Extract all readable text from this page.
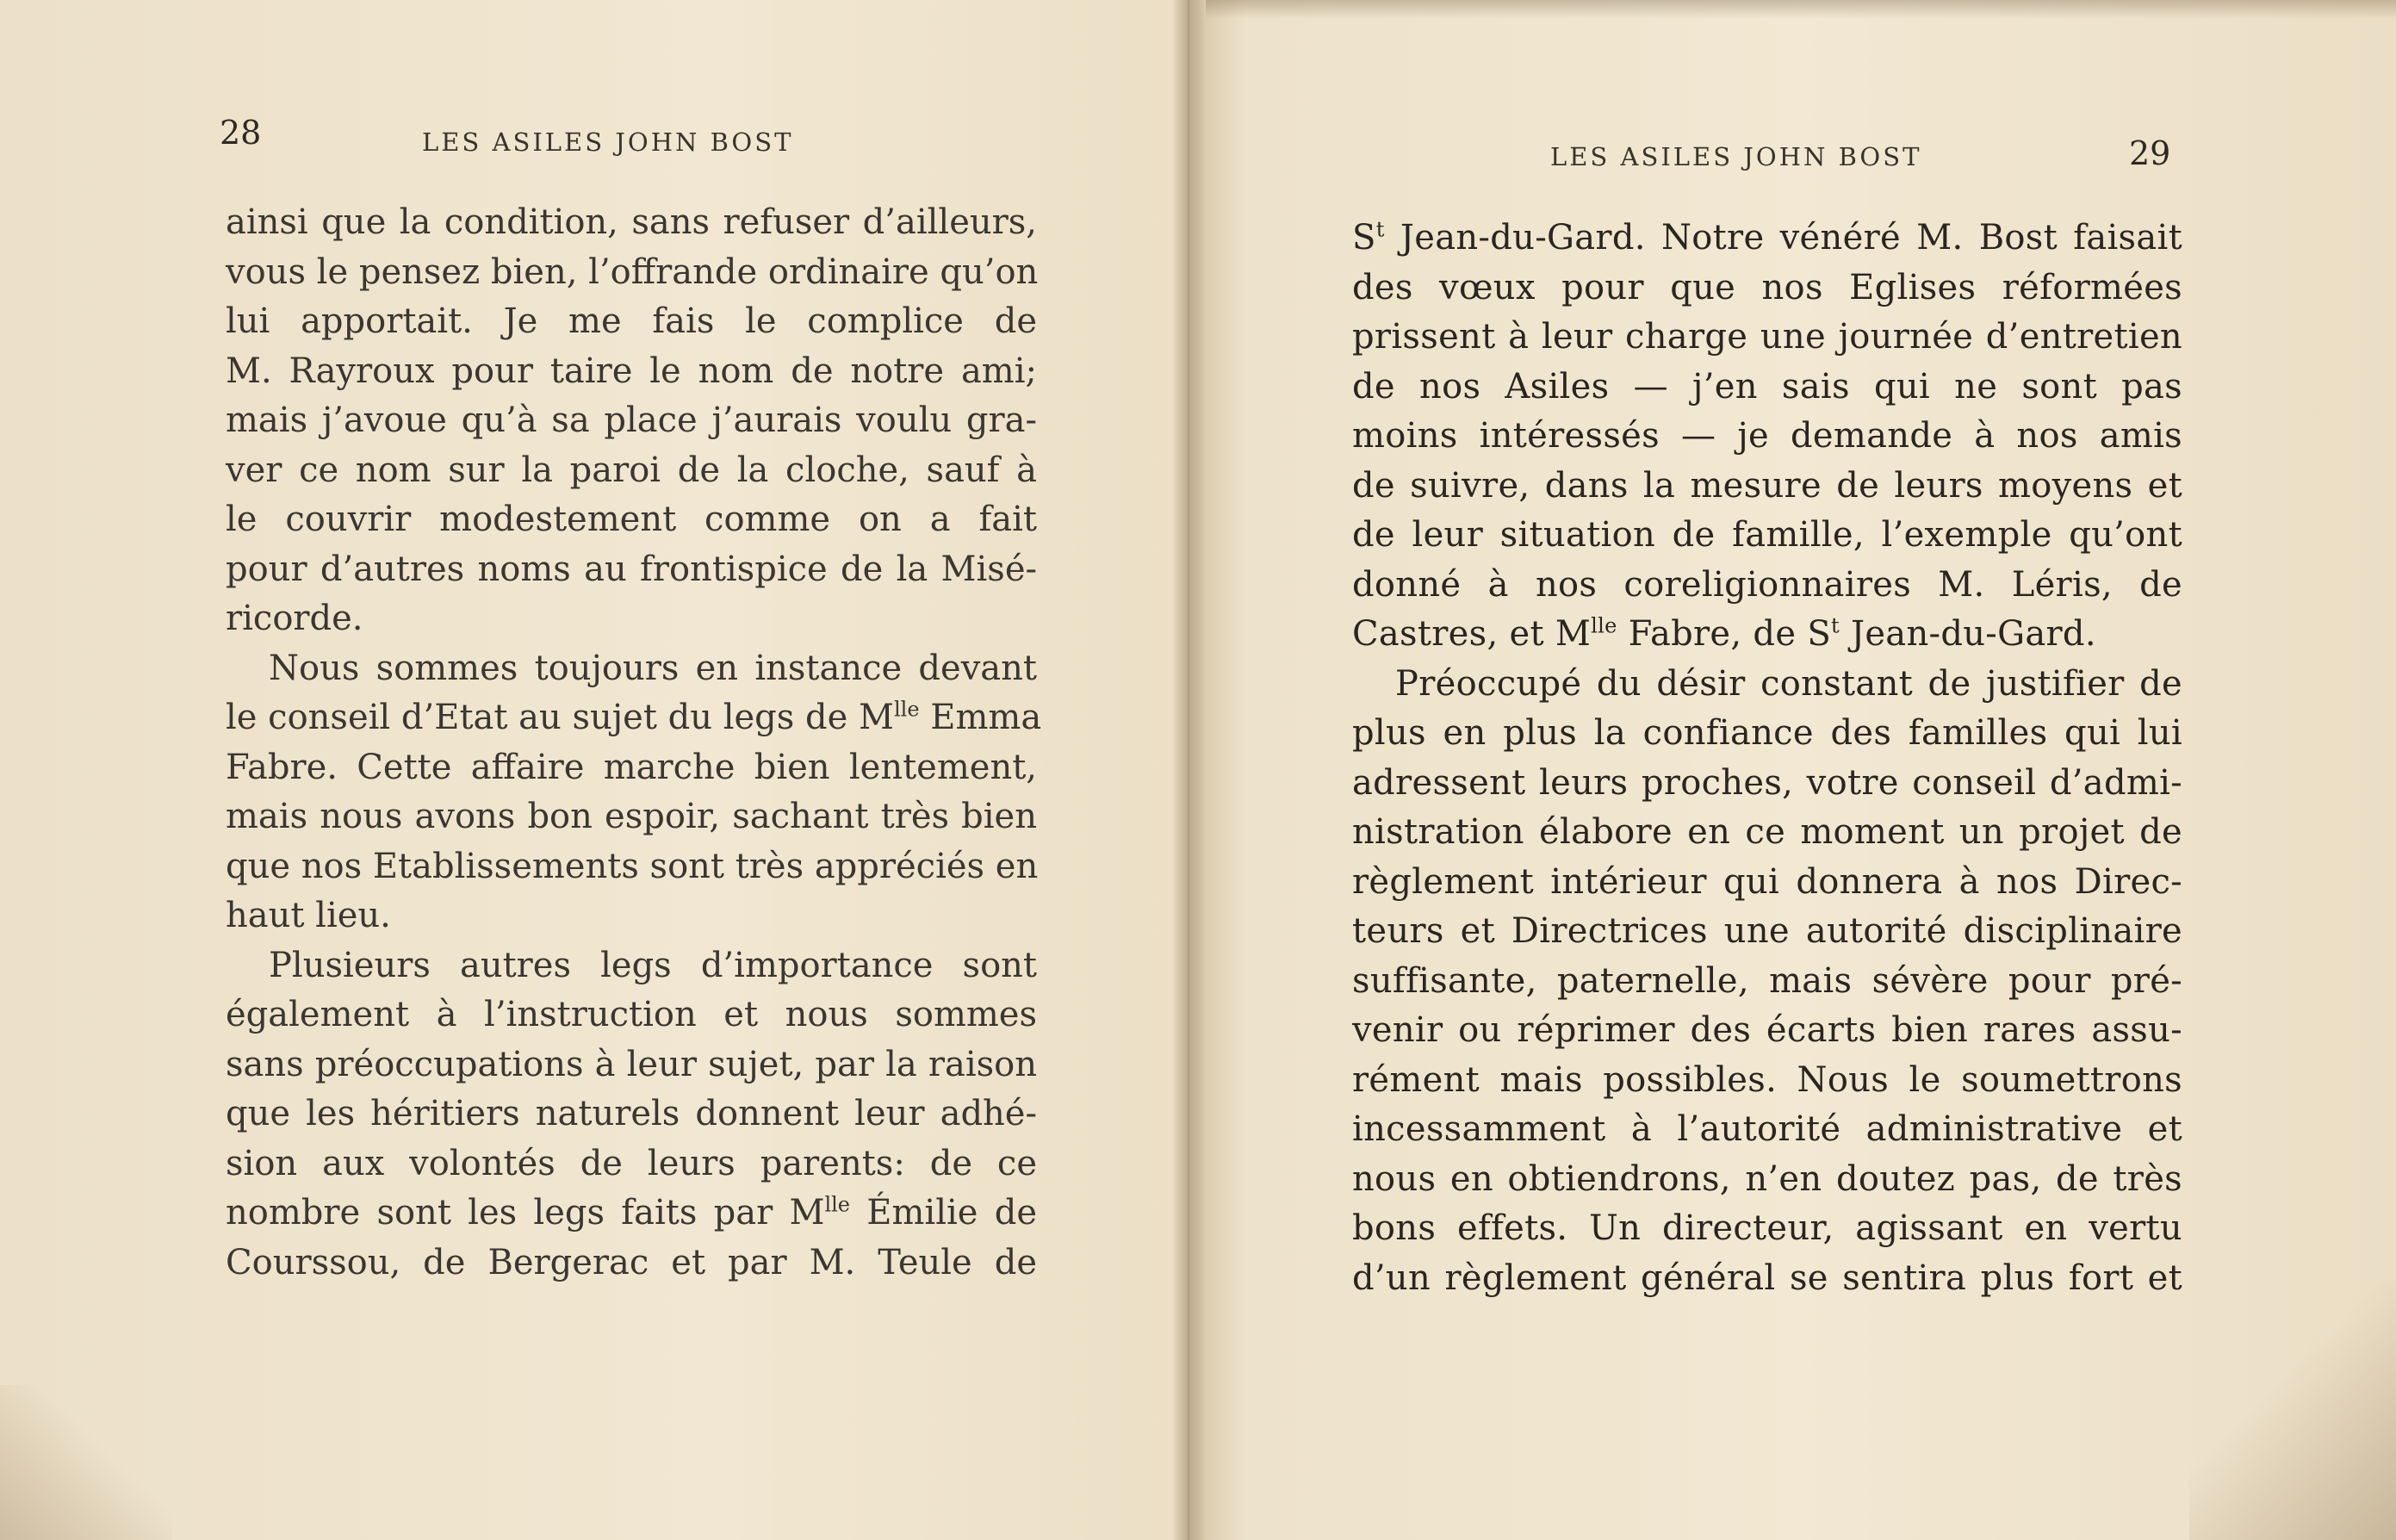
28	LES ASILES JOHN BOST
ainsi que la condition, sans refuser d’ailleurs,
vous le pensez bien, l’offrande ordinaire qu’on
lui apportait. Je me fais le complice de
M. Rayroux pour taire le nom de notre ami;
mais j’avoue qu’à sa place j’aurais voulu gra-
ver ce nom sur la paroi de la cloche, sauf à
le couvrir modestement comme on a fait
pour d’autres noms au frontispice de la Misé-
ricorde.
Nous sommes toujours en instance devant
le conseil d’Etat au sujet du legs de $M^{lle}$ Emma
Fabre. Cette affaire marche bien lentement,
mais nous avons bon espoir, sachant très bien
que nos Etablissements sont très appréciés en
haut lieu.
Plusieurs autres legs d’importance sont
également à l’instruction et nous sommes
sans préoccupations à leur sujet, par la raison
que les héritiers naturels donnent leur adhé-
sion aux volontés de leurs parents: de ce
nombre sont les legs faits par $M^{lle}$ Émilie de
Courssou, de Bergerac et par M. Teule de
LES ASILES JOHN BOST	29
$S^t$ Jean-du-Gard. Notre vénéré M. Bost faisait
des vœux pour que nos Eglises réformées
prissent à leur charge une journée d’entretien
de nos Asiles — j’en sais qui ne sont pas
moins intéressés — je demande à nos amis
de suivre, dans la mesure de leurs moyens et
de leur situation de famille, l’exemple qu’ont
donné à nos coreligionnaires M. Léris, de
Castres, et $M^{lle}$ Fabre, de $S^t$ Jean-du-Gard.
Préoccupé du désir constant de justifier de
plus en plus la confiance des familles qui lui
adressent leurs proches, votre conseil d’admi-
nistration élabore en ce moment un projet de
règlement intérieur qui donnera à nos Direc-
teurs et Directrices une autorité disciplinaire
suffisante, paternelle, mais sévère pour pré-
venir ou réprimer des écarts bien rares assu-
rément mais possibles. Nous le soumettrons
incessamment à l’autorité administrative et
nous en obtiendrons, n’en doutez pas, de très
bons effets. Un directeur, agissant en vertu
d’un règlement général se sentira plus fort et
